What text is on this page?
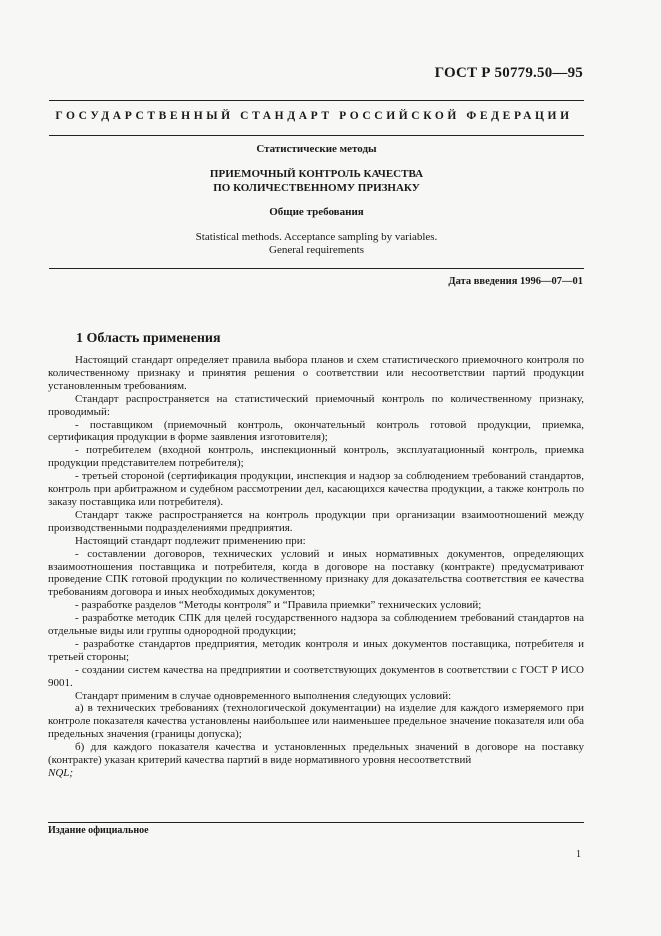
ГОСТ Р 50779.50—95
ГОСУДАРСТВЕННЫЙ СТАНДАРТ РОССИЙСКОЙ ФЕДЕРАЦИИ
Статистические методы
ПРИЕМОЧНЫЙ КОНТРОЛЬ КАЧЕСТВА
ПО КОЛИЧЕСТВЕННОМУ ПРИЗНАКУ
Общие требования
Statistical methods. Acceptance sampling by variables.
General requirements
Дата введения 1996—07—01
1 Область применения

Настоящий стандарт определяет правила выбора планов и схем статистического приемочного контроля по количественному признаку и принятия решения о соответствии или несоответствии партий продукции установленным требованиям.

Стандарт распространяется на статистический приемочный контроль по количественному признаку, проводимый:

- поставщиком (приемочный контроль, окончательный контроль готовой продукции, приемка, сертификация продукции в форме заявления изготовителя);

- потребителем (входной контроль, инспекционный контроль, эксплуатационный контроль, приемка продукции представителем потребителя);

- третьей стороной (сертификация продукции, инспекция и надзор за соблюдением требований стандартов, контроль при арбитражном и судебном рассмотрении дел, касающихся качества продукции, а также контроль по заказу поставщика или потребителя).

Стандарт также распространяется на контроль продукции при организации взаимоотношений между производственными подразделениями предприятия.

Настоящий стандарт подлежит применению при:

- составлении договоров, технических условий и иных нормативных документов, определяющих взаимоотношения поставщика и потребителя, когда в договоре на поставку (контракте) предусматривают проведение СПК готовой продукции по количественному признаку для доказательства соответствия ее качества требованиям договора и иных необходимых документов;

- разработке разделов “Методы контроля” и “Правила приемки” технических условий;

- разработке методик СПК для целей государственного надзора за соблюдением требований стандартов на отдельные виды или группы однородной продукции;

- разработке стандартов предприятия, методик контроля и иных документов поставщика, потребителя и третьей стороны;

- создании систем качества на предприятии и соответствующих документов в соответствии с ГОСТ Р ИСО 9001.

Стандарт применим в случае одновременного выполнения следующих условий:

а) в технических требованиях (технологической документации) на изделие для каждого измеряемого при контроле показателя качества установлены наибольшее или наименьшее предельное значение показателя или оба предельных значения (границы допуска);

б) для каждого показателя качества и установленных предельных значений в договоре на поставку (контракте) указан критерий качества партий в виде нормативного уровня несоответствий

NQL;

Издание официальное
1
